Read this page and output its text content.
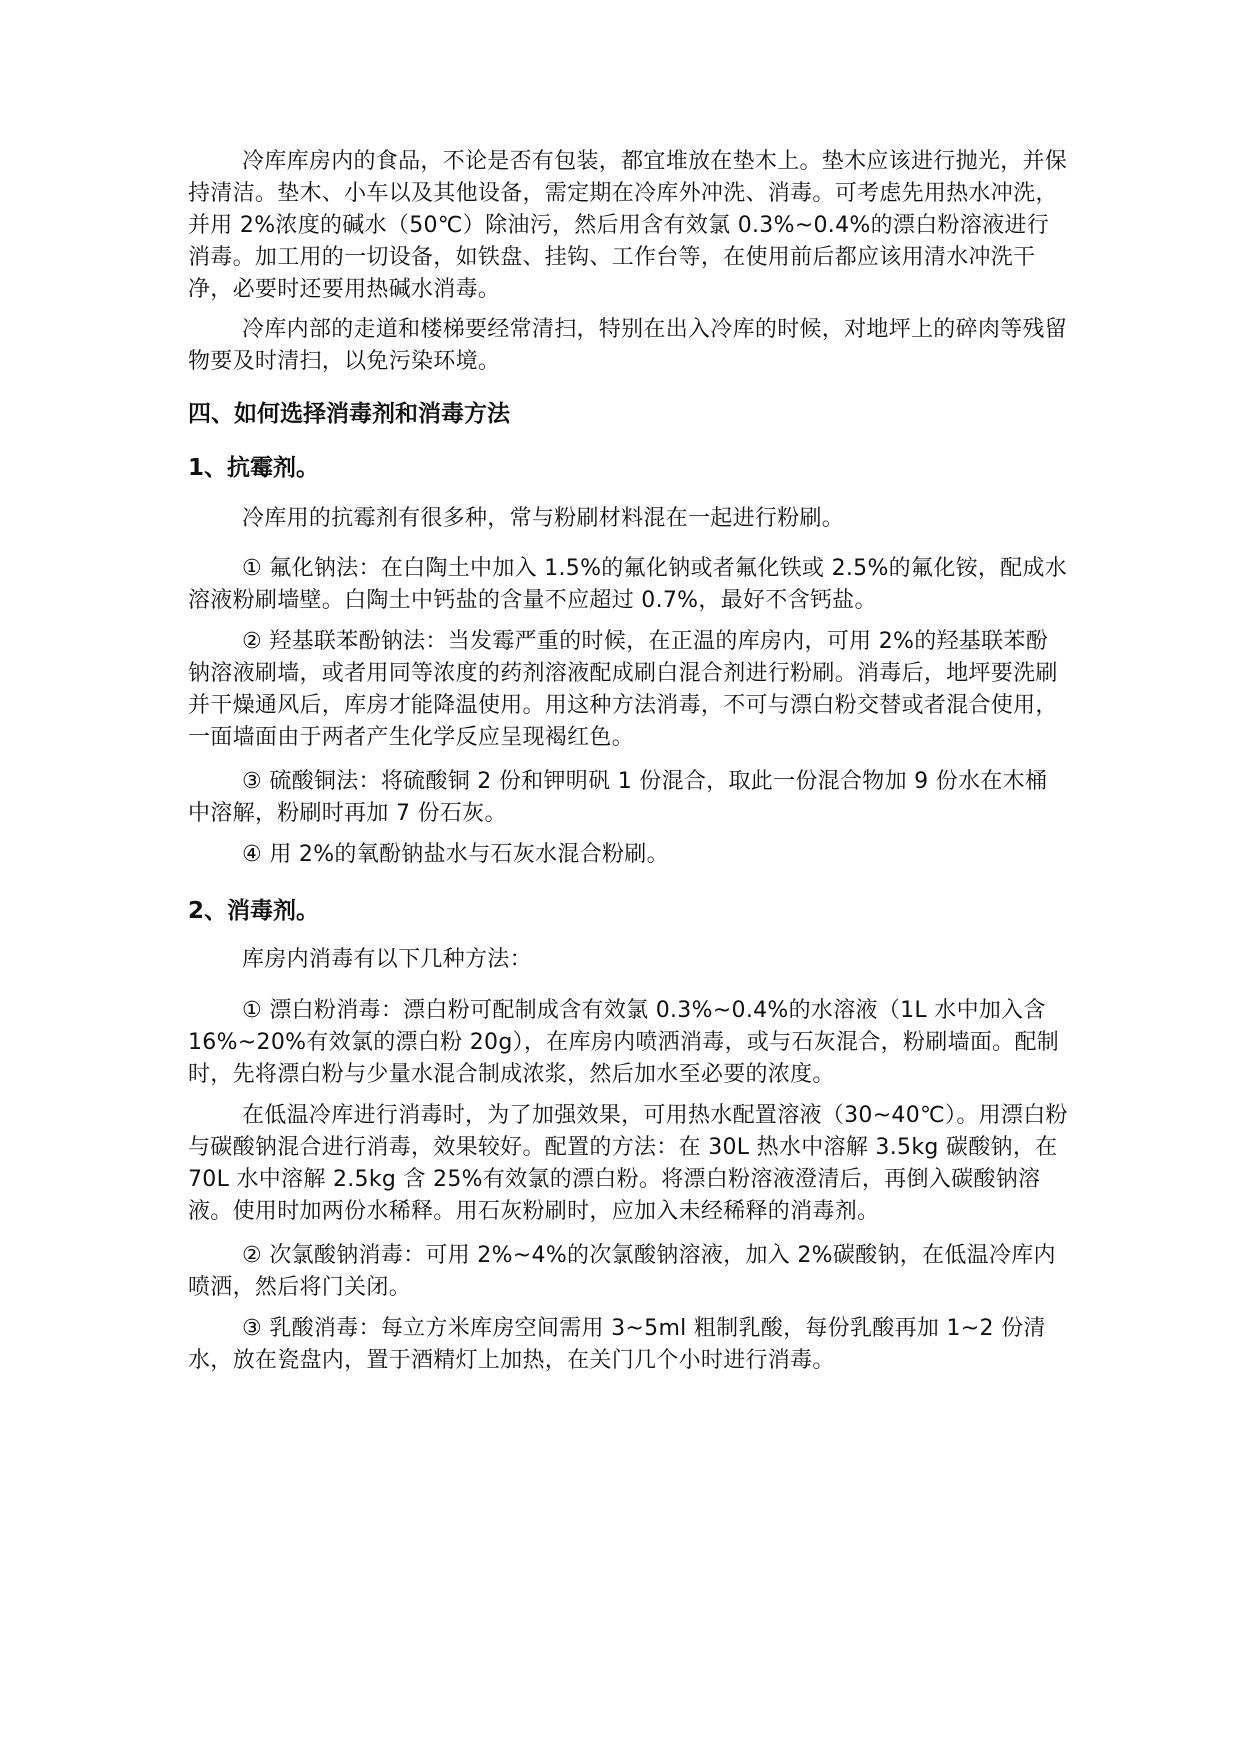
冷库库房内的食品，不论是否有包装，都宜堆放在垫木上。垫木应该进行抛光，并保持清洁。垫木、小车以及其他设备，需定期在冷库外冲洗、消毒。可考虑先用热水冲洗，并用 2%浓度的碱水（50℃）除油污，然后用含有效氯 0.3%~0.4%的漂白粉溶液进行消毒。加工用的一切设备，如铁盘、挂钩、工作台等，在使用前后都应该用清水冲洗干净，必要时还要用热碱水消毒。

冷库内部的走道和楼梯要经常清扫，特别在出入冷库的时候，对地坪上的碎肉等残留物要及时清扫，以免污染环境。

四、如何选择消毒剂和消毒方法
1、抗霉剂。

冷库用的抗霉剂有很多种，常与粉刷材料混在一起进行粉刷。

① 氟化钠法：在白陶土中加入 1.5%的氟化钠或者氟化铁或 2.5%的氟化铵，配成水溶液粉刷墙壁。白陶土中钙盐的含量不应超过 0.7%，最好不含钙盐。

② 羟基联苯酚钠法：当发霉严重的时候，在正温的库房内，可用 2%的羟基联苯酚钠溶液刷墙，或者用同等浓度的药剂溶液配成刷白混合剂进行粉刷。消毒后，地坪要洗刷并干燥通风后，库房才能降温使用。用这种方法消毒，不可与漂白粉交替或者混合使用，一面墙面由于两者产生化学反应呈现褐红色。

③ 硫酸铜法：将硫酸铜 2 份和钾明矾 1 份混合，取此一份混合物加 9 份水在木桶中溶解，粉刷时再加 7 份石灰。

④ 用 2%的氧酚钠盐水与石灰水混合粉刷。

2、消毒剂。

库房内消毒有以下几种方法：

① 漂白粉消毒：漂白粉可配制成含有效氯 0.3%~0.4%的水溶液（1L 水中加入含 16%~20%有效氯的漂白粉 20g），在库房内喷洒消毒，或与石灰混合，粉刷墙面。配制时，先将漂白粉与少量水混合制成浓浆，然后加水至必要的浓度。

在低温冷库进行消毒时，为了加强效果，可用热水配置溶液（30~40℃）。用漂白粉与碳酸钠混合进行消毒，效果较好。配置的方法：在 30L 热水中溶解 3.5kg 碳酸钠，在 70L 水中溶解 2.5kg 含 25%有效氯的漂白粉。将漂白粉溶液澄清后，再倒入碳酸钠溶液。使用时加两份水稀释。用石灰粉刷时，应加入未经稀释的消毒剂。

② 次氯酸钠消毒：可用 2%~4%的次氯酸钠溶液，加入 2%碳酸钠，在低温冷库内喷洒，然后将门关闭。

③ 乳酸消毒：每立方米库房空间需用 3~5ml 粗制乳酸，每份乳酸再加 1~2 份清水，放在瓷盘内，置于酒精灯上加热，在关门几个小时进行消毒。
